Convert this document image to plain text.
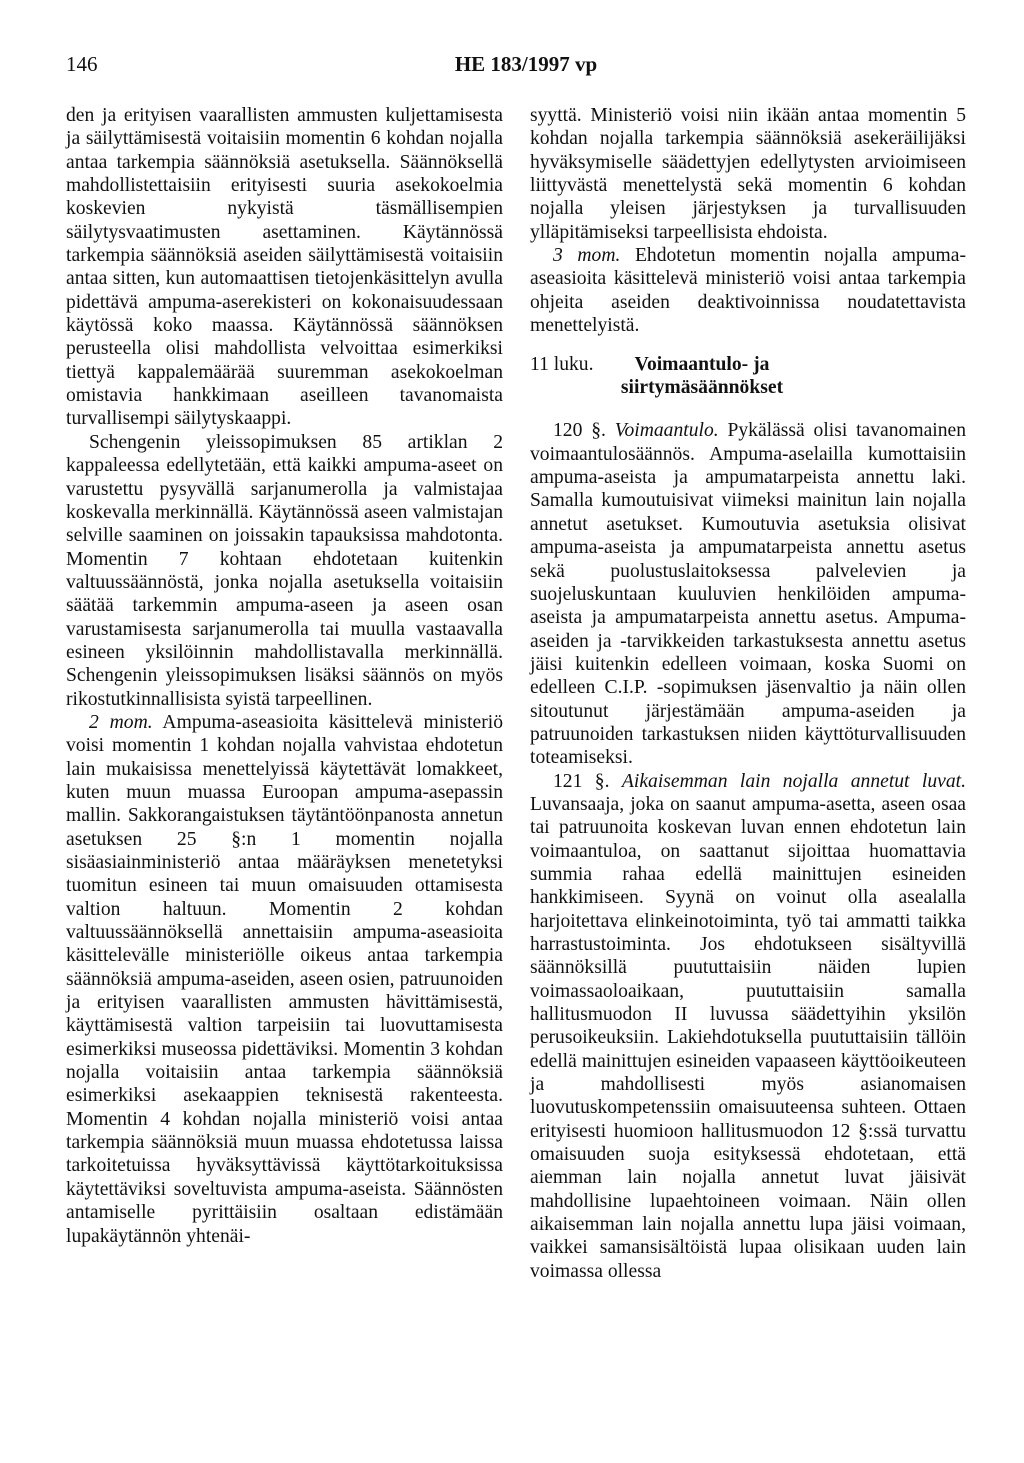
146	HE 183/1997 vp

den ja erityisen vaarallisten ammusten kuljettamisesta ja säilyttämisestä voitaisiin momentin 6 kohdan nojalla antaa tarkempia säännöksiä asetuksella. Säännöksellä mahdollistettaisiin erityisesti suuria asekokoelmia koskevien nykyistä täsmällisempien säilytysvaatimusten asettaminen. Käytännössä tarkempia säännöksiä aseiden säilyttämisestä voitaisiin antaa sitten, kun automaattisen tietojenkäsittelyn avulla pidettävä ampuma-aserekisteri on kokonaisuudessaan käytössä koko maassa. Käytännössä säännöksen perusteella olisi mahdollista velvoittaa esimerkiksi tiettyä kappalemäärää suuremman asekokoelman omistavia hankkimaan aseilleen tavanomaista turvallisempi säilytyskaappi.

Schengenin yleissopimuksen 85 artiklan 2 kappaleessa edellytetään, että kaikki ampuma-aseet on varustettu pysyvällä sarjanumerolla ja valmistajaa koskevalla merkinnällä. Käytännössä aseen valmistajan selville saaminen on joissakin tapauksissa mahdotonta. Momentin 7 kohtaan ehdotetaan kuitenkin valtuussäännöstä, jonka nojalla asetuksella voitaisiin säätää tarkemmin ampuma-aseen ja aseen osan varustamisesta sarjanumerolla tai muulla vastaavalla esineen yksilöinnin mahdollistavalla merkinnällä. Schengenin yleissopimuksen lisäksi säännös on myös rikostutkinnallisista syistä tarpeellinen.

2 mom. Ampuma-aseasioita käsittelevä ministeriö voisi momentin 1 kohdan nojalla vahvistaa ehdotetun lain mukaisissa menettelyissä käytettävät lomakkeet, kuten muun muassa Euroopan ampuma-asepassin mallin. Sakkorangaistuksen täytäntöönpanosta annetun asetuksen 25 §:n 1 momentin nojalla sisäasiainministeriö antaa määräyksen menetetyksi tuomitun esineen tai muun omaisuuden ottamisesta valtion haltuun. Momentin 2 kohdan valtuussäännöksellä annettaisiin ampuma-aseasioita käsittelevälle ministeriölle oikeus antaa tarkempia säännöksiä ampuma-aseiden, aseen osien, patruunoiden ja erityisen vaarallisten ammusten hävittämisestä, käyttämisestä valtion tarpeisiin tai luovuttamisesta esimerkiksi museossa pidettäviksi. Momentin 3 kohdan nojalla voitaisiin antaa tarkempia säännöksiä esimerkiksi asekaappien teknisestä rakenteesta. Momentin 4 kohdan nojalla ministeriö voisi antaa tarkempia säännöksiä muun muassa ehdotetussa laissa tarkoitetuissa hyväksyttävissä käyttötarkoituksissa käytettäviksi soveltuvista ampuma-aseista. Säännösten antamiselle pyrittäisiin osaltaan edistämään lupakäytännön yhtenäi-

syyttä. Ministeriö voisi niin ikään antaa momentin 5 kohdan nojalla tarkempia säännöksiä asekeräilijäksi hyväksymiselle säädettyjen edellytysten arvioimiseen liittyvästä menettelystä sekä momentin 6 kohdan nojalla yleisen järjestyksen ja turvallisuuden ylläpitämiseksi tarpeellisista ehdoista.

3 mom. Ehdotetun momentin nojalla ampuma-aseasioita käsittelevä ministeriö voisi antaa tarkempia ohjeita aseiden deaktivoinnissa noudatettavista menettelyistä.

11 luku.	Voimaantulo- ja siirtymäsäännökset

120 §. Voimaantulo. Pykälässä olisi tavanomainen voimaantulosäännös. Ampuma-aselailla kumottaisiin ampuma-aseista ja ampumatarpeista annettu laki. Samalla kumoutuisivat viimeksi mainitun lain nojalla annetut asetukset. Kumoutuvia asetuksia olisivat ampuma-aseista ja ampumatarpeista annettu asetus sekä puolustuslaitoksessa palvelevien ja suojeluskuntaan kuuluvien henkilöiden ampuma-aseista ja ampumatarpeista annettu asetus. Ampuma-aseiden ja -tarvikkeiden tarkastuksesta annettu asetus jäisi kuitenkin edelleen voimaan, koska Suomi on edelleen C.I.P. -sopimuksen jäsenvaltio ja näin ollen sitoutunut järjestämään ampuma-aseiden ja patruunoiden tarkastuksen niiden käyttöturvallisuuden toteamiseksi.

121 §. Aikaisemman lain nojalla annetut luvat. Luvansaaja, joka on saanut ampuma-asetta, aseen osaa tai patruunoita koskevan luvan ennen ehdotetun lain voimaantuloa, on saattanut sijoittaa huomattavia summia rahaa edellä mainittujen esineiden hankkimiseen. Syynä on voinut olla asealalla harjoitettava elinkeinotoiminta, työ tai ammatti taikka harrastustoiminta. Jos ehdotukseen sisältyvillä säännöksillä puututtaisiin näiden lupien voimassaoloaikaan, puututtaisiin samalla hallitusmuodon II luvussa säädettyihin yksilön perusoikeuksiin. Lakiehdotuksella puututtaisiin tällöin edellä mainittujen esineiden vapaaseen käyttöoikeuteen ja mahdollisesti myös asianomaisen luovutuskompetenssiin omaisuuteensa suhteen. Ottaen erityisesti huomioon hallitusmuodon 12 §:ssä turvattu omaisuuden suoja esityksessä ehdotetaan, että aiemman lain nojalla annetut luvat jäisivät mahdollisine lupaehtoineen voimaan. Näin ollen aikaisemman lain nojalla annettu lupa jäisi voimaan, vaikkei samansisältöistä lupaa olisikaan uuden lain voimassa ollessa
